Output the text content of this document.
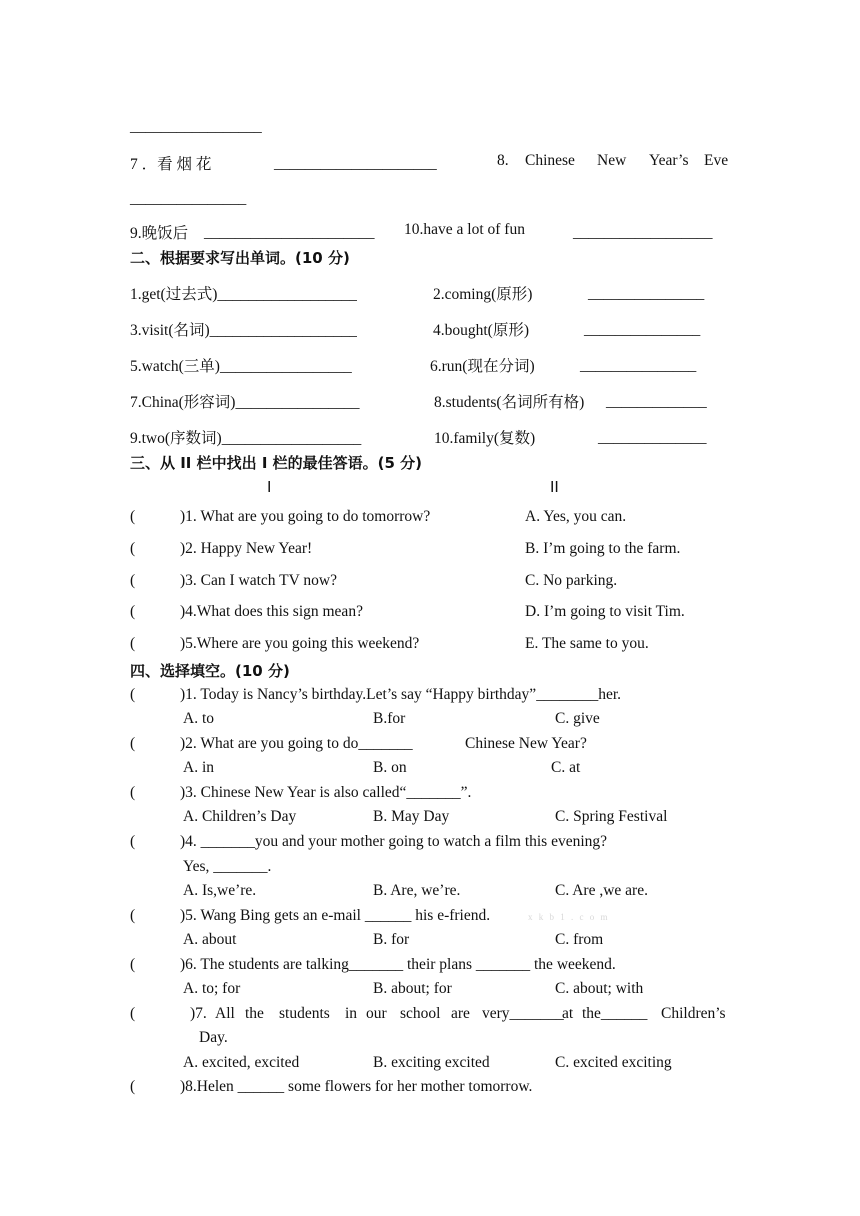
_________________
7 ．看 烟 花	_____________________	8. Chinese New Year’s Eve
_______________
9.晚饭后 ______________________ 10.have a lot of fun	__________________
二、根据要求写出单词。(10 分)
1.get(过去式)__________________	2.coming(原形)	_______________
3.visit(名词)___________________	4.bought(原形)	_______________
5.watch(三单)_________________	6.run(现在分词)	_______________
7.China(形容词)________________	8.students(名词所有格) _____________
9.two(序数词)__________________	10.family(复数)	______________
三、从 II 栏中找出 I 栏的最佳答语。(5 分)
I	II
(	)1. What are you going to do tomorrow?	A. Yes, you can.
(	)2. Happy New Year!	B. I’m going to the farm.
(	)3. Can I watch TV now?	C. No parking.
(	)4.What does this sign mean?	D. I’m going to visit Tim.
(	)5.Where are you going this weekend?	E. The same to you.
四、选择填空。(10 分)
(	)1. Today is Nancy’s birthday.Let’s say “Happy birthday”________her.
A. to	B.for	C. give
(	)2. What are you going to do_______	Chinese New Year?
A. in	B. on	C. at
(	)3. Chinese New Year is also called“_______”.
A. Children’s Day	B. May Day	C. Spring Festival
(	)4. _______you and your mother going to watch a film this evening?
Yes, _______.
A. Is,we’re.	B. Are, we’re.	C. Are ,we are.
(	)5. Wang Bing gets an e-mail ______ his e-friend.	x k b 1 . c o m
A. about	B. for	C. from
(	)6. The students are talking_______ their plans _______ the weekend.
A. to; for	B. about; for	C. about; with
(	)7. All the students in our school are very_______
at the______ Children’s
Day.
A. excited, excited	B. exciting excited	C. excited exciting
(	)8.Helen ______ some flowers for her mother tomorrow.
